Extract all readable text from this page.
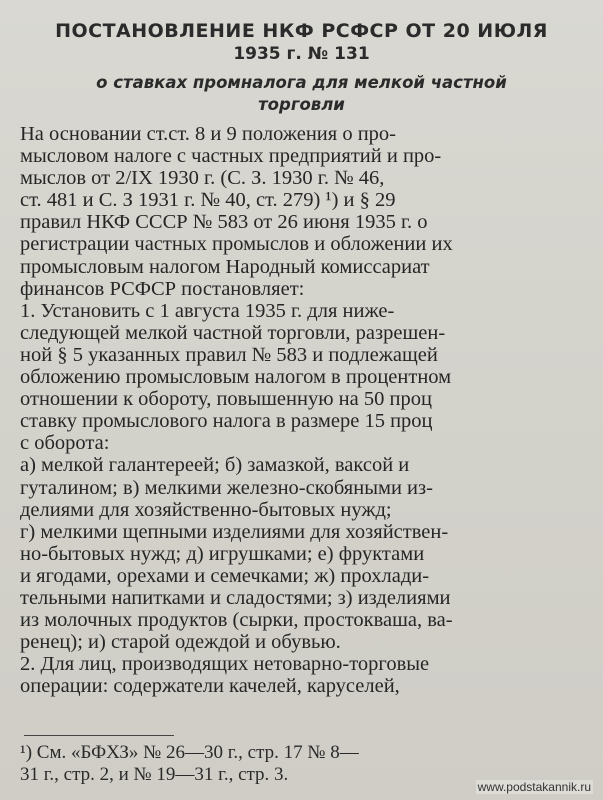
ПОСТАНОВЛЕНИЕ НКФ РСФСР ОТ 20 ИЮЛЯ
1935 г. № 131
о ставках промналога для мелкой частной
торговли
На основании ст.ст. 8 и 9 положения о про-
мысловом налоге с частных предприятий и про-
мыслов от 2/IX 1930 г. (С. З. 1930 г. № 46,
ст. 481 и С. З 1931 г. № 40, ст. 279) ¹) и § 29
правил НКФ СССР № 583 от 26 июня 1935 г. о
регистрации частных промыслов и обложении их
промысловым налогом Народный комиссариат
финансов РСФСР постановляет:
1. Установить с 1 августа 1935 г. для ниже-
следующей мелкой частной торговли, разрешен-
ной § 5 указанных правил № 583 и подлежащей
обложению промысловым налогом в процентном
отношении к обороту, повышенную на 50 проц
ставку промыслового налога в размере 15 проц
с оборота:
а) мелкой галантереей; б) замазкой, ваксой и
гуталином; в) мелкими железно-скобяными из-
делиями для хозяйственно-бытовых нужд;
г) мелкими щепными изделиями для хозяйствен-
но-бытовых нужд; д) игрушками; е) фруктами
и ягодами, орехами и семечками; ж) прохлади-
тельными напитками и сладостями; з) изделиями
из молочных продуктов (сырки, простокваша, ва-
ренец); и) старой одеждой и обувью.
2. Для лиц, производящих нетоварно-торговые
операции: содержатели качелей, каруселей,
¹) См. «БФХЗ» № 26—30 г., стр. 17 № 8—
31 г., стр. 2, и № 19—31 г., стр. 3.
www.podstakannik.ru
